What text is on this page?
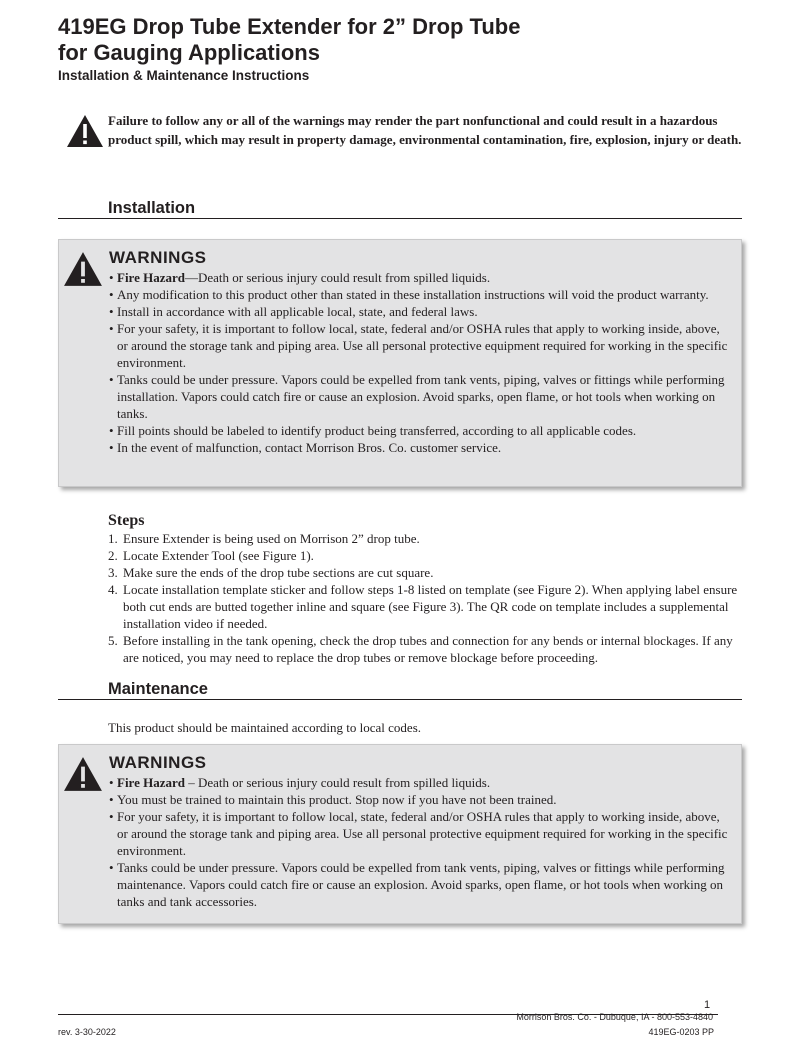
419EG Drop Tube Extender for 2” Drop Tube
for Gauging Applications
Installation & Maintenance Instructions

Failure to follow any or all of the warnings may render the part nonfunctional and could result in a hazardous product spill, which may result in property damage, environmental contamination, fire, explosion, injury or death.

Installation
WARNINGS
• Fire Hazard—Death or serious injury could result from spilled liquids.
• Any modification to this product other than stated in these installation instructions will void the product warranty.
• Install in accordance with all applicable local, state, and federal laws.
• For your safety, it is important to follow local, state, federal and/or OSHA rules that apply to working inside, above, or around the storage tank and piping area. Use all personal protective equipment required for working in the specific environment.
• Tanks could be under pressure. Vapors could be expelled from tank vents, piping, valves or fittings while performing installation. Vapors could catch fire or cause an explosion. Avoid sparks, open flame, or hot tools when working on tanks.
• Fill points should be labeled to identify product being transferred, according to all applicable codes.
• In the event of malfunction, contact Morrison Bros. Co. customer service.
Steps
1. Ensure Extender is being used on Morrison 2” drop tube.
2. Locate Extender Tool (see Figure 1).
3. Make sure the ends of the drop tube sections are cut square.
4. Locate installation template sticker and follow steps 1-8 listed on template (see Figure 2). When applying label ensure both cut ends are butted together inline and square (see Figure 3). The QR code on template includes a supplemental installation video if needed.
5. Before installing in the tank opening, check the drop tubes and connection for any bends or internal blockages. If any are noticed, you may need to replace the drop tubes or remove blockage before proceeding.
Maintenance
This product should be maintained according to local codes.
WARNINGS
• Fire Hazard – Death or serious injury could result from spilled liquids.
• You must be trained to maintain this product. Stop now if you have not been trained.
• For your safety, it is important to follow local, state, federal and/or OSHA rules that apply to working inside, above, or around the storage tank and piping area. Use all personal protective equipment required for working in the specific environment.
• Tanks could be under pressure. Vapors could be expelled from tank vents, piping, valves or fittings while performing maintenance. Vapors could catch fire or cause an explosion. Avoid sparks, open flame, or hot tools when working on tanks and tank accessories.
1
Morrison Bros. Co. - Dubuque, IA - 800-553-4840
rev. 3-30-2022	419EG-0203 PP
